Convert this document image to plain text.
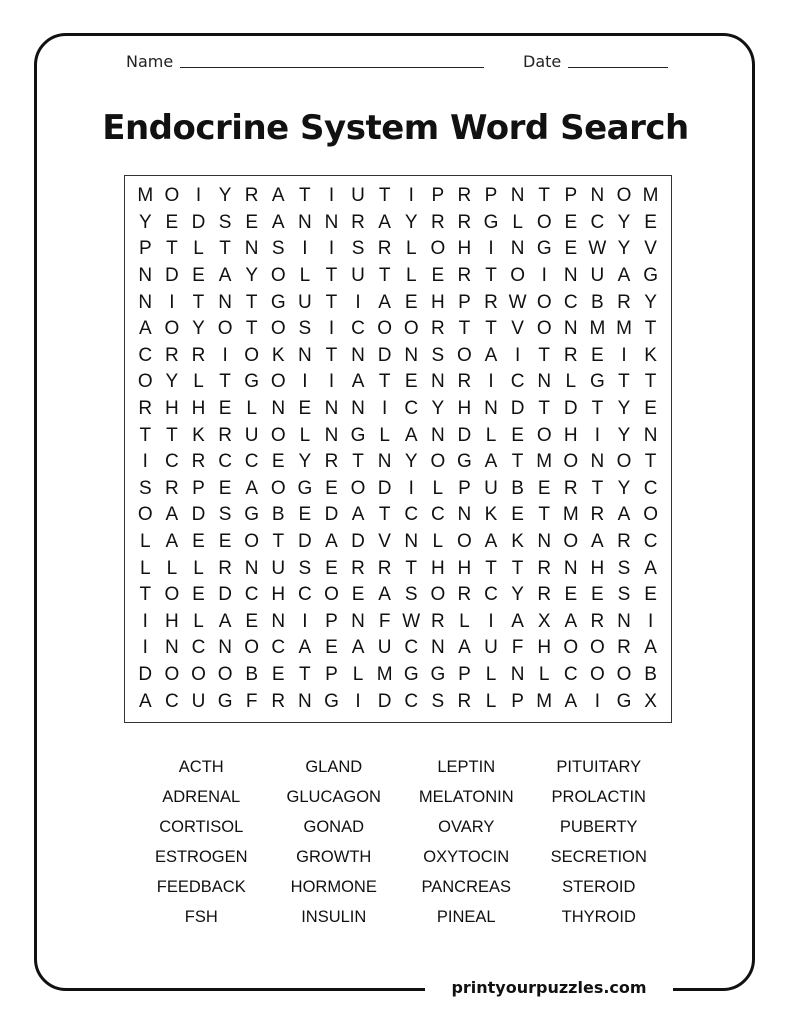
Name	Date
Endocrine System Word Search
M O I Y R A T I U T I P R P N T P N O M
Y E D S E A N N R A Y R R G L O E C Y E
P T L T N S I	I S R L O H I N G E W Y V
N D E A Y O L T U T L E R T O I N U A G
N I T N T G U T I A E H P R W O C B R Y
A O Y O T O S I C O O R T T V O N M M T
C R R I O K N T N D N S O A I T R E I K
O Y L T G O I	I A T E N R I C N L G T T
R H H E L N E N N I C Y H N D T D T Y E
T T K R U O L N G L A N D L E O H I Y N
I C R C C E Y R T N Y O G A T M O N O T
S R P E A O G E O D I L P U B E R T Y C
O A D S G B E D A T C C N K E T M R A O
L A E E O T D A D V N L O A K N O A R C
L L L R N U S E R R T H H T T R N H S A
T O E D C H C O E A S O R C Y R E E S E
I H L A E N I P N F W R L I A X A R N I
I N C N O C A E A U C N A U F H O O R A
D O O O B E T P L M G G P L N L C O O B
A C U G F R N G I D C S R L P M A I G X
ACTH	GLAND	LEPTIN	PITUITARY
ADRENAL	GLUCAGON	MELATONIN	PROLACTIN
CORTISOL	GONAD	OVARY	PUBERTY
ESTROGEN	GROWTH	OXYTOCIN	SECRETION
FEEDBACK	HORMONE	PANCREAS	STEROID
FSH	INSULIN	PINEAL	THYROID
printyourpuzzles.com
